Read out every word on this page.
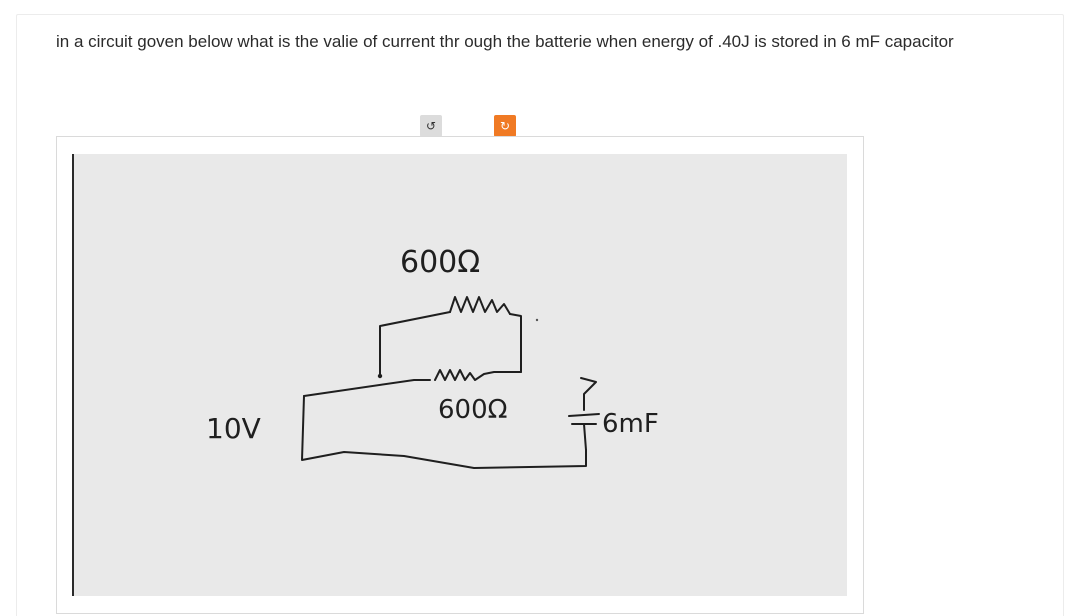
in a circuit goven below what is the valie of current thr ough the batterie when energy of .40J is stored in 6 mF capacitor
↺	↻
600Ω
600Ω	6mF
10V
